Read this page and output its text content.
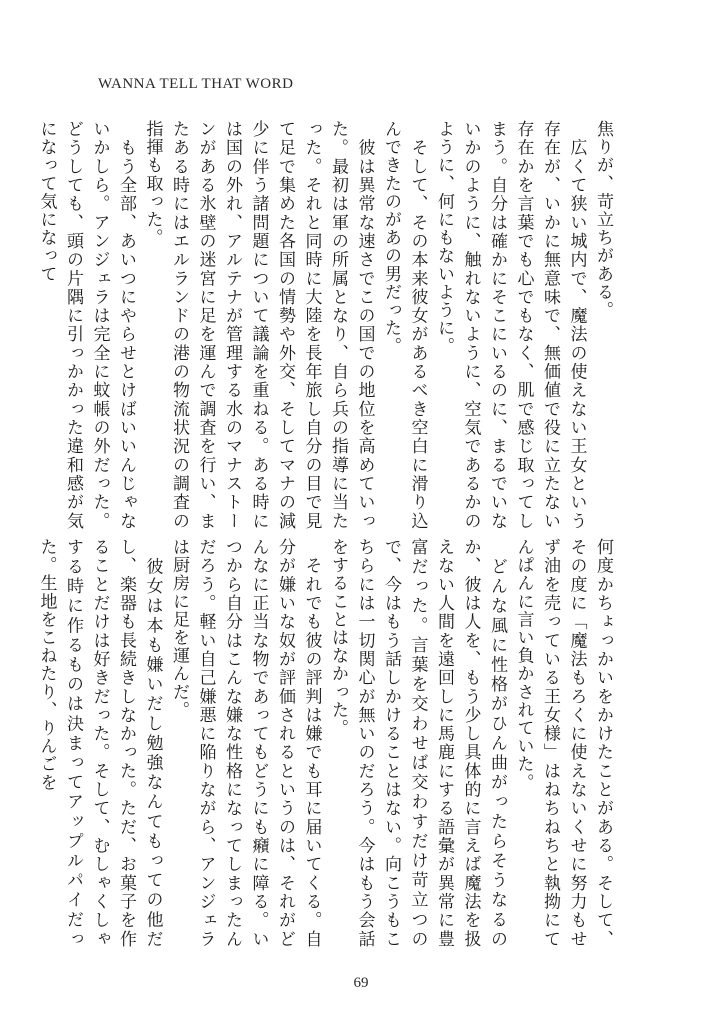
WANNA TELL THAT WORD

焦りが、苛立ちがある。

　広くて狭い城内で、魔法の使えない王女という存在が、いかに無意味で、無価値で役に立たない存在かを言葉でも心でもなく、肌で感じ取ってしまう。自分は確かにそこにいるのに、まるでいないかのように、触れないように、空気であるかのように、何にもないように。

　そして、その本来彼女があるべき空白に滑り込んできたのがあの男だった。

　彼は異常な速さでこの国での地位を高めていった。最初は軍の所属となり、自ら兵の指導に当たった。それと同時に大陸を長年旅し自分の目で見て足で集めた各国の情勢や外交、そしてマナの減少に伴う諸問題について議論を重ねる。ある時には国の外れ、アルテナが管理する水のマナストーンがある氷壁の迷宮に足を運んで調査を行い、またある時にはエルランドの港の物流状況の調査の指揮も取った。

　もう全部、あいつにやらせとけばいいんじゃないかしら。アンジェラは完全に蚊帳の外だった。どうしても、頭の片隅に引っかかった違和感が気になって気になって

何度かちょっかいをかけたことがある。そして、その度に「魔法もろくに使えないくせに努力もせず油を売っている王女様」はねちねちと執拗にてんぱんに言い負かされていた。

　どんな風に性格がひん曲がったらそうなるのか、彼は人を、もう少し具体的に言えば魔法を扱えない人間を遠回しに馬鹿にする語彙が異常に豊富だった。言葉を交わせば交わすだけ苛立つので、今はもう話しかけることはない。向こうもこちらには一切関心が無いのだろう。今はもう会話をすることはなかった。

　それでも彼の評判は嫌でも耳に届いてくる。自分が嫌いな奴が評価されるというのは、それがどんなに正当な物であってもどうにも癪に障る。いつから自分はこんな嫌な性格になってしまったんだろう。軽い自己嫌悪に陥りながら、アンジェラは厨房に足を運んだ。

　彼女は本も嫌いだし勉強なんてもっての他だし、楽器も長続きしなかった。ただ、お菓子を作ることだけは好きだった。そして、むしゃくしゃする時に作るものは決まってアップルパイだった。生地をこねたり、りんごを

69
